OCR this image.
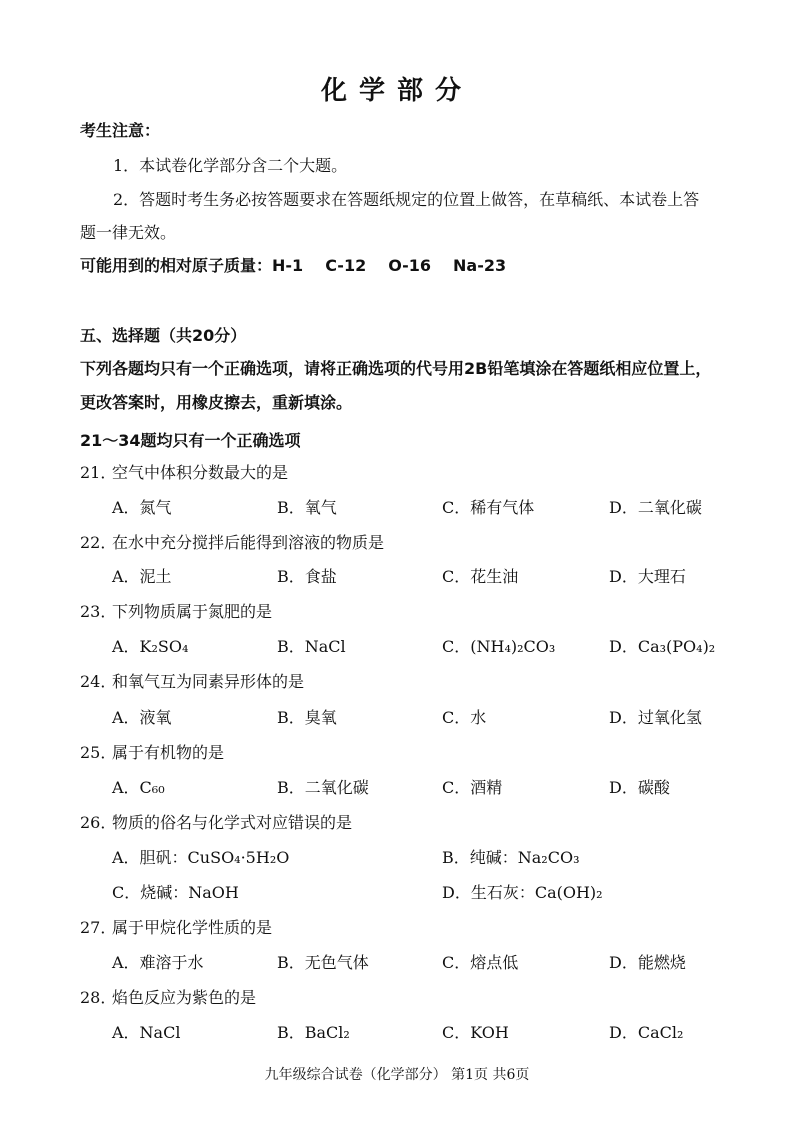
化学部分
考生注意：
1．本试卷化学部分含二个大题。
2．答题时考生务必按答题要求在答题纸规定的位置上做答，在草稿纸、本试卷上答
题一律无效。
可能用到的相对原子质量：H-1 C-12 O-16 Na-23
五、选择题（共20分）
下列各题均只有一个正确选项，请将正确选项的代号用2B铅笔填涂在答题纸相应位置上，
更改答案时，用橡皮擦去，重新填涂。
21～34题均只有一个正确选项
21．空气中体积分数最大的是
A．氮气	B．氧气	C．稀有气体	D．二氧化碳
22．在水中充分搅拌后能得到溶液的物质是
A．泥土	B．食盐	C．花生油	D．大理石
23．下列物质属于氮肥的是
A．K₂SO₄	B．NaCl	C．(NH₄)₂CO₃	D．Ca₃(PO₄)₂
24．和氧气互为同素异形体的是
A．液氧	B．臭氧	C．水	D．过氧化氢
25．属于有机物的是
A．C₆₀	B．二氧化碳	C．酒精	D．碳酸
26．物质的俗名与化学式对应错误的是
A．胆矾：CuSO₄·5H₂O	B．纯碱：Na₂CO₃
C．烧碱：NaOH	D．生石灰：Ca(OH)₂
27．属于甲烷化学性质的是
A．难溶于水	B．无色气体	C．熔点低	D．能燃烧
28．焰色反应为紫色的是
A．NaCl	B．BaCl₂	C．KOH	D．CaCl₂
九年级综合试卷（化学部分） 第1页 共6页
